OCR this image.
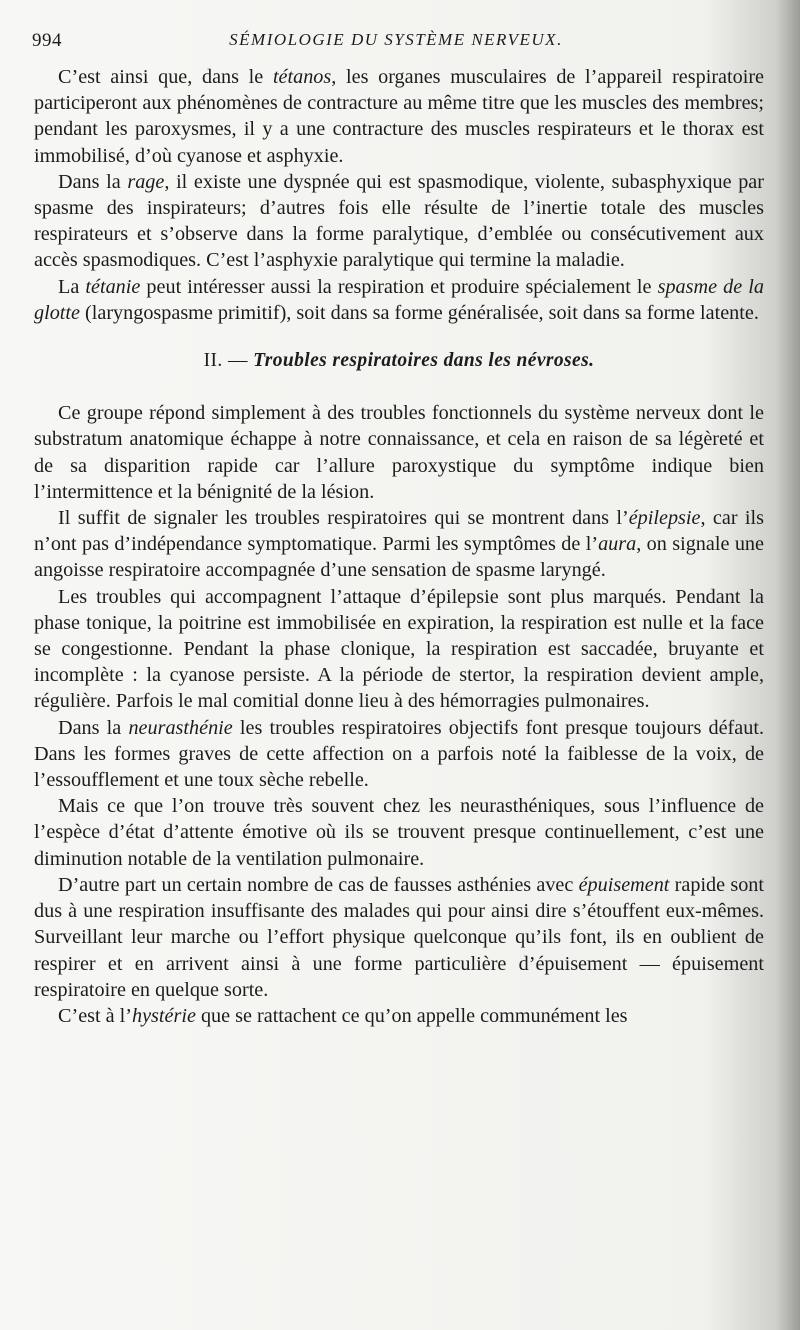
994	SÉMIOLOGIE DU SYSTÈME NERVEUX.

C’est ainsi que, dans le tétanos, les organes musculaires de l’appareil respiratoire participeront aux phénomènes de contracture au même titre que les muscles des membres; pendant les paroxysmes, il y a une contracture des muscles respirateurs et le thorax est immobilisé, d’où cyanose et asphyxie.

Dans la rage, il existe une dyspnée qui est spasmodique, violente, subasphyxique par spasme des inspirateurs; d’autres fois elle résulte de l’inertie totale des muscles respirateurs et s’observe dans la forme paralytique, d’emblée ou consécutivement aux accès spasmodiques. C’est l’asphyxie paralytique qui termine la maladie.

La tétanie peut intéresser aussi la respiration et produire spécialement le spasme de la glotte (laryngospasme primitif), soit dans sa forme généralisée, soit dans sa forme latente.

II. — Troubles respiratoires dans les névroses.

Ce groupe répond simplement à des troubles fonctionnels du système nerveux dont le substratum anatomique échappe à notre connaissance, et cela en raison de sa légèreté et de sa disparition rapide car l’allure paroxystique du symptôme indique bien l’intermittence et la bénignité de la lésion.

Il suffit de signaler les troubles respiratoires qui se montrent dans l’épilepsie, car ils n’ont pas d’indépendance symptomatique. Parmi les symptômes de l’aura, on signale une angoisse respiratoire accompagnée d’une sensation de spasme laryngé.

Les troubles qui accompagnent l’attaque d’épilepsie sont plus marqués. Pendant la phase tonique, la poitrine est immobilisée en expiration, la respiration est nulle et la face se congestionne. Pendant la phase clonique, la respiration est saccadée, bruyante et incomplète : la cyanose persiste. A la période de stertor, la respiration devient ample, régulière. Parfois le mal comitial donne lieu à des hémorragies pulmonaires.

Dans la neurasthénie les troubles respiratoires objectifs font presque toujours défaut. Dans les formes graves de cette affection on a parfois noté la faiblesse de la voix, de l’essoufflement et une toux sèche rebelle.

Mais ce que l’on trouve très souvent chez les neurasthéniques, sous l’influence de l’espèce d’état d’attente émotive où ils se trouvent presque continuellement, c’est une diminution notable de la ventilation pulmonaire.

D’autre part un certain nombre de cas de fausses asthénies avec épuisement rapide sont dus à une respiration insuffisante des malades qui pour ainsi dire s’étouffent eux-mêmes. Surveillant leur marche ou l’effort physique quelconque qu’ils font, ils en oublient de respirer et en arrivent ainsi à une forme particulière d’épuisement — épuisement respiratoire en quelque sorte.

C’est à l’hystérie que se rattachent ce qu’on appelle communément les
